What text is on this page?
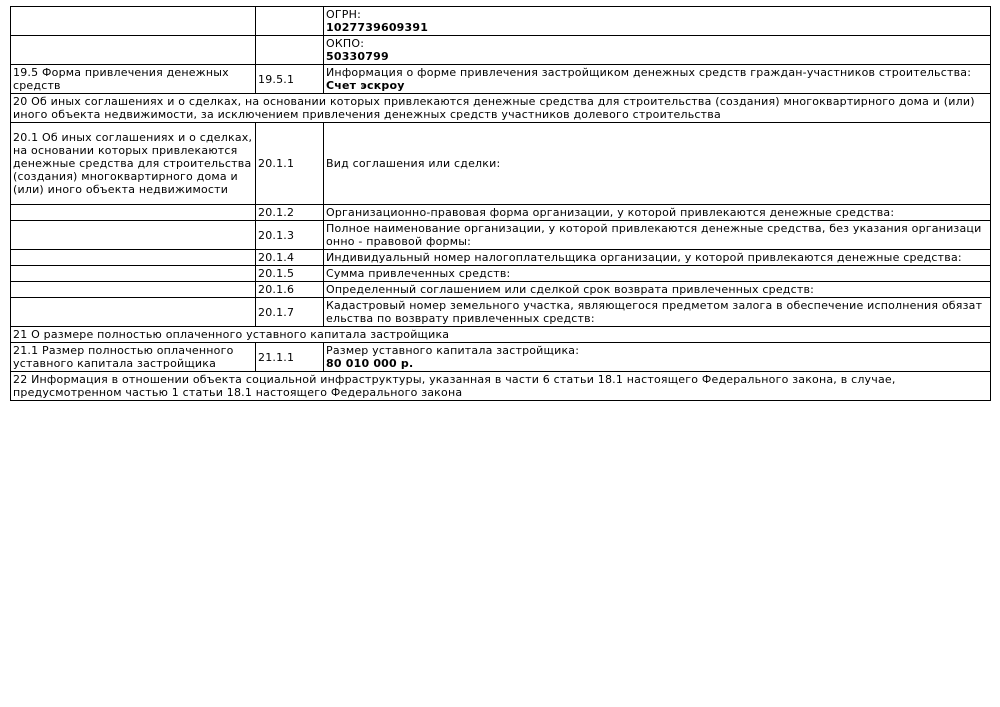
		ОГРН:
1027739609391

		ОКПО:
50330799

19.5 Форма привлечения денежных средств	19.5.1	Информация о форме привлечения застройщиком денежных средств граждан-участников строительства:
Счет эскроу

20 Об иных соглашениях и о сделках, на основании которых привлекаются денежные средства для строительства (создания) многоквартирного дома и (или) иного объекта недвижимости, за исключением привлечения денежных средств участников долевого строительства		
20.1 Об иных соглашениях и о сделках, на основании которых привлекаются денежные средства для строительства (создания) многоквартирного дома и (или) иного объекта недвижимости	20.1.1	Вид соглашения или сделки:
	20.1.2	Организационно-правовая форма организации, у которой привлекаются денежные средства:
	20.1.3	Полное наименование организации, у которой привлекаются денежные средства, без указания организационно - правовой формы:
	20.1.4	Индивидуальный номер налогоплательщика организации, у которой привлекаются денежные средства:
	20.1.5	Сумма привлеченных средств:
	20.1.6	Определенный соглашением или сделкой срок возврата привлеченных средств:
	20.1.7	Кадастровый номер земельного участка, являющегося предметом залога в обеспечение исполнения обязательства по возврату привлеченных средств:
21 О размере полностью оплаченного уставного капитала застройщика		
21.1 Размер полностью оплаченного уставного капитала застройщика	21.1.1	Размер уставного капитала застройщика:
80 010 000 р.

22 Информация в отношении объекта социальной инфраструктуры, указанная в части 6 статьи 18.1 настоящего Федерального закона, в случае, предусмотренном частью 1 статьи 18.1 настоящего Федерального закона		
